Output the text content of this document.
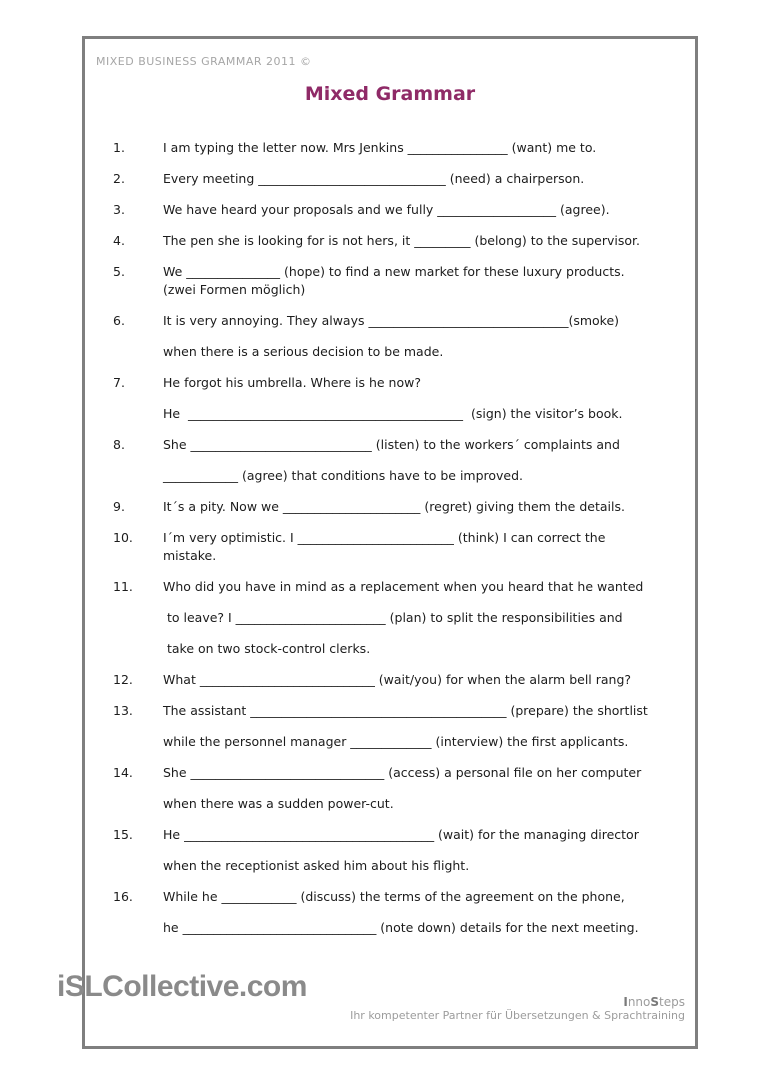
MIXED BUSINESS GRAMMAR 2011 ©
Mixed Grammar
1.	I am typing the letter now. Mrs Jenkins ________________ (want) me to.
2.	Every meeting ______________________________ (need) a chairperson.
3.	We have heard your proposals and we fully ___________________ (agree).
4.	The pen she is looking for is not hers, it _________ (belong) to the supervisor.
5.	We _______________ (hope) to find a new market for these luxury products.
(zwei Formen möglich)
6.	It is very annoying. They always ________________________________(smoke)
when there is a serious decision to be made.
7.	He forgot his umbrella. Where is he now?
He  ____________________________________________  (sign) the visitor’s book.
8.	She _____________________________ (listen) to the workers´ complaints and
____________ (agree) that conditions have to be improved.
9.	It´s a pity. Now we ______________________ (regret) giving them the details.
10.	I´m very optimistic. I _________________________ (think) I can correct the
mistake.
11.	Who did you have in mind as a replacement when you heard that he wanted
to leave? I ________________________ (plan) to split the responsibilities and
take on two stock-control clerks.
12.	What ____________________________ (wait/you) for when the alarm bell rang?
13.	The assistant _________________________________________ (prepare) the shortlist
while the personnel manager _____________ (interview) the first applicants.
14.	She _______________________________ (access) a personal file on her computer
when there was a sudden power-cut.
15.	He ________________________________________ (wait) for the managing director
when the receptionist asked him about his flight.
16.	While he ____________ (discuss) the terms of the agreement on the phone,
he _______________________________ (note down) details for the next meeting.
iSLCollective.com	InnoSteps
Ihr kompetenter Partner für Übersetzungen & Sprachtraining
